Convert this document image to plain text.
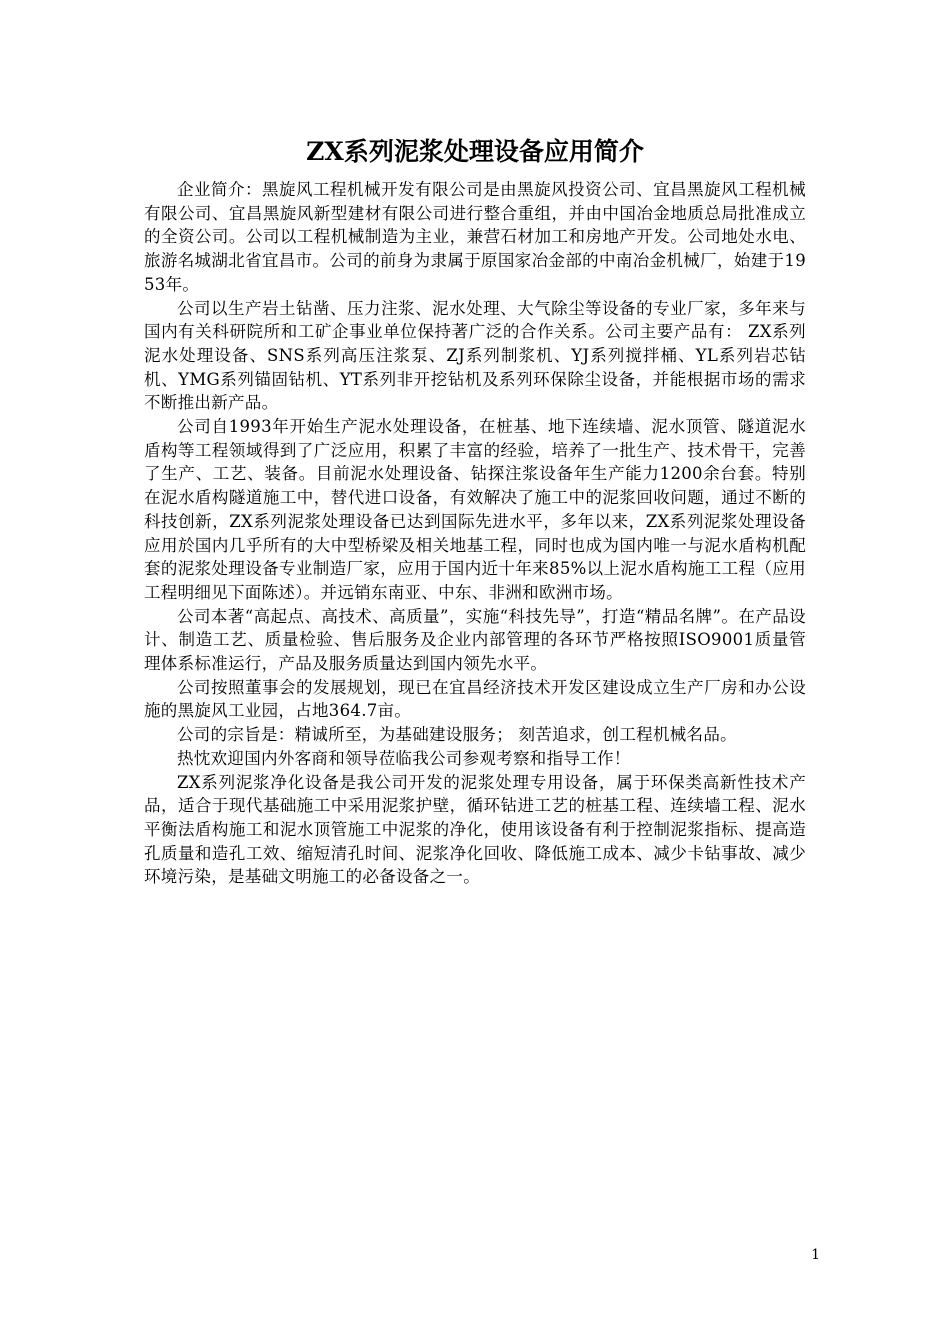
ZX系列泥浆处理设备应用简介

企业简介：黑旋风工程机械开发有限公司是由黑旋风投资公司、宜昌黑旋风工程机械有限公司、宜昌黑旋风新型建材有限公司进行整合重组，并由中国冶金地质总局批准成立的全资公司。公司以工程机械制造为主业，兼营石材加工和房地产开发。公司地处水电、旅游名城湖北省宜昌市。公司的前身为隶属于原国家冶金部的中南冶金机械厂，始建于1953年。

公司以生产岩土钻凿、压力注浆、泥水处理、大气除尘等设备的专业厂家，多年来与国内有关科研院所和工矿企事业单位保持著广泛的合作关系。公司主要产品有： ZX系列泥水处理设备、SNS系列高压注浆泵、ZJ系列制浆机、YJ系列搅拌桶、YL系列岩芯钻机、YMG系列锚固钻机、YT系列非开挖钻机及系列环保除尘设备，并能根据市场的需求不断推出新产品。

公司自1993年开始生产泥水处理设备，在桩基、地下连续墙、泥水顶管、隧道泥水盾构等工程领域得到了广泛应用，积累了丰富的经验，培养了一批生产、技术骨干，完善了生产、工艺、装备。目前泥水处理设备、钻探注浆设备年生产能力1200余台套。特别在泥水盾构隧道施工中，替代进口设备，有效解决了施工中的泥浆回收问题，通过不断的科技创新，ZX系列泥浆处理设备已达到国际先进水平，多年以来，ZX系列泥浆处理设备应用於国内几乎所有的大中型桥梁及相关地基工程，同时也成为国内唯一与泥水盾构机配套的泥浆处理设备专业制造厂家，应用于国内近十年来85%以上泥水盾构施工工程（应用工程明细见下面陈述）。并远销东南亚、中东、非洲和欧洲市场。

公司本著“高起点、高技术、高质量”，实施“科技先导”，打造“精品名牌”。在产品设计、制造工艺、质量检验、售后服务及企业内部管理的各环节严格按照ISO9001质量管理体系标准运行，产品及服务质量达到国内领先水平。

公司按照董事会的发展规划，现已在宜昌经济技术开发区建设成立生产厂房和办公设施的黑旋风工业园，占地364.7亩。

公司的宗旨是：精诚所至，为基础建设服务； 刻苦追求，创工程机械名品。

热忱欢迎国内外客商和领导莅临我公司参观考察和指导工作！

ZX系列泥浆净化设备是我公司开发的泥浆处理专用设备，属于环保类高新性技术产品，适合于现代基础施工中采用泥浆护壁，循环钻进工艺的桩基工程、连续墙工程、泥水平衡法盾构施工和泥水顶管施工中泥浆的净化，使用该设备有利于控制泥浆指标、提高造孔质量和造孔工效、缩短清孔时间、泥浆净化回收、降低施工成本、减少卡钻事故、减少环境污染，是基础文明施工的必备设备之一。

1
